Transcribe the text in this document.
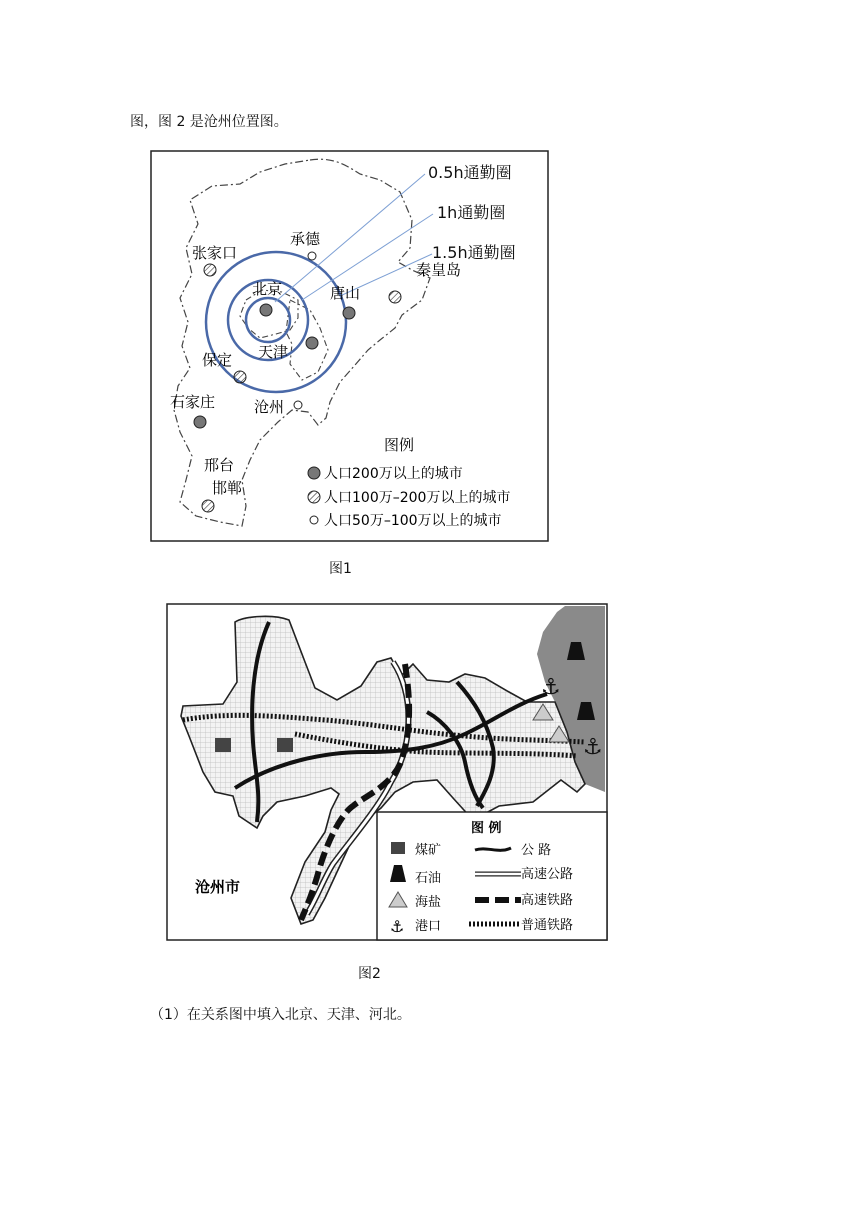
图，图 2 是沧州位置图。
0.5h通勤圈
1h通勤圈
1.5h通勤圈
张家口
承德
北京	唐山
秦皇岛
保定 天津
石家庄	沧州
邢台
邯郸
图例
人口200万以上的城市
人口100万–200万以上的城市
人口50万–100万以上的城市
图1
⚓
⚓
沧州市
图 例
煤矿
石油
海盐
⚓ 港口
公 路
高速公路
高速铁路
普通铁路
图2
（1）在关系图中填入北京、天津、河北。
